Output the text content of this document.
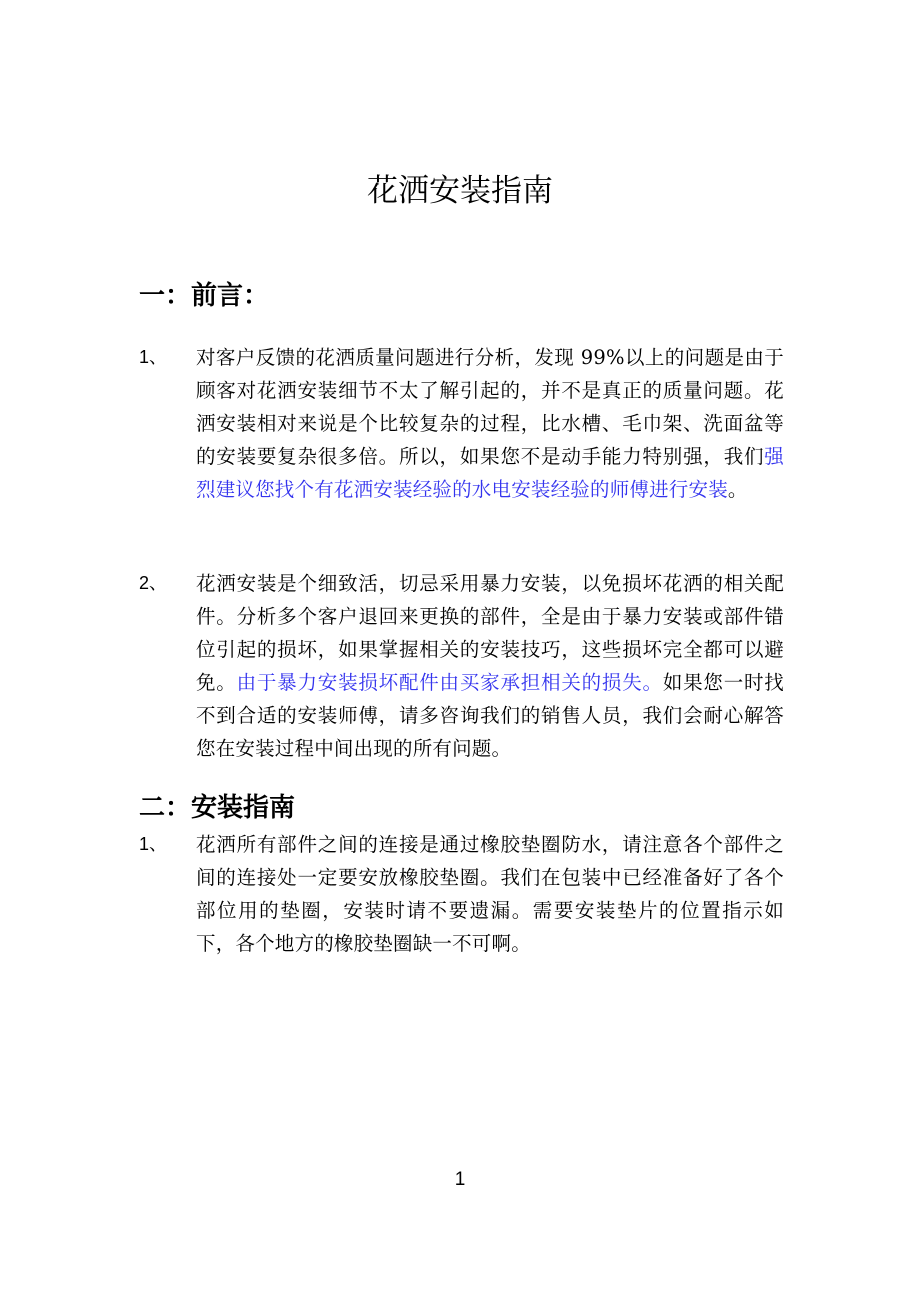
花洒安装指南
一：前言：
1、	对客户反馈的花洒质量问题进行分析，发现 99%以上的问题是由于顾客对花洒安装细节不太了解引起的，并不是真正的质量问题。花洒安装相对来说是个比较复杂的过程，比水槽、毛巾架、洗面盆等的安装要复杂很多倍。所以，如果您不是动手能力特别强，我们强烈建议您找个有花洒安装经验的水电安装经验的师傅进行安装。

2、	花洒安装是个细致活，切忌采用暴力安装，以免损坏花洒的相关配件。分析多个客户退回来更换的部件，全是由于暴力安装或部件错位引起的损坏，如果掌握相关的安装技巧，这些损坏完全都可以避免。由于暴力安装损坏配件由买家承担相关的损失。如果您一时找不到合适的安装师傅，请多咨询我们的销售人员，我们会耐心解答您在安装过程中间出现的所有问题。

二：安装指南
1、	花洒所有部件之间的连接是通过橡胶垫圈防水，请注意各个部件之间的连接处一定要安放橡胶垫圈。我们在包装中已经准备好了各个部位用的垫圈，安装时请不要遗漏。需要安装垫片的位置指示如下，各个地方的橡胶垫圈缺一不可啊。

1
